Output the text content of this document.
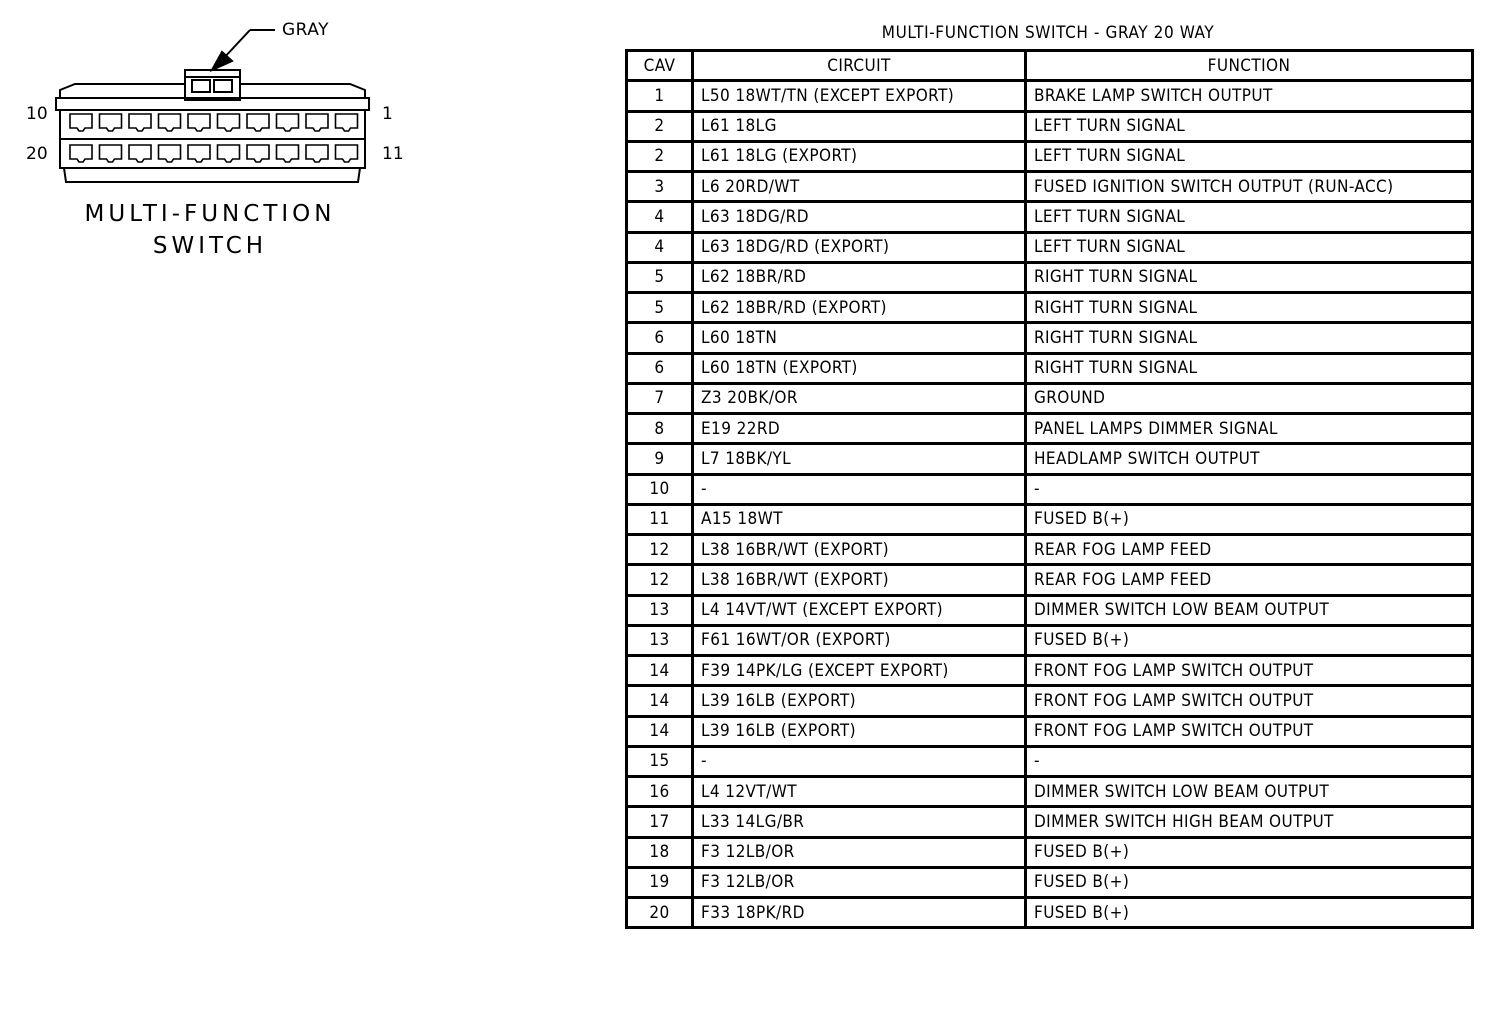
GRAY
10
20
1
11
MULTI-FUNCTION
SWITCH
MULTI-FUNCTION SWITCH - GRAY 20 WAY
CAV	CIRCUIT	FUNCTION
1	L50 18WT/TN (EXCEPT EXPORT)	BRAKE LAMP SWITCH OUTPUT
2	L61 18LG	LEFT TURN SIGNAL
2	L61 18LG (EXPORT)	LEFT TURN SIGNAL
3	L6 20RD/WT	FUSED IGNITION SWITCH OUTPUT (RUN-ACC)
4	L63 18DG/RD	LEFT TURN SIGNAL
4	L63 18DG/RD (EXPORT)	LEFT TURN SIGNAL
5	L62 18BR/RD	RIGHT TURN SIGNAL
5	L62 18BR/RD (EXPORT)	RIGHT TURN SIGNAL
6	L60 18TN	RIGHT TURN SIGNAL
6	L60 18TN (EXPORT)	RIGHT TURN SIGNAL
7	Z3 20BK/OR	GROUND
8	E19 22RD	PANEL LAMPS DIMMER SIGNAL
9	L7 18BK/YL	HEADLAMP SWITCH OUTPUT
10	-	-
11	A15 18WT	FUSED B(+)
12	L38 16BR/WT (EXPORT)	REAR FOG LAMP FEED
12	L38 16BR/WT (EXPORT)	REAR FOG LAMP FEED
13	L4 14VT/WT (EXCEPT EXPORT)	DIMMER SWITCH LOW BEAM OUTPUT
13	F61 16WT/OR (EXPORT)	FUSED B(+)
14	F39 14PK/LG (EXCEPT EXPORT)	FRONT FOG LAMP SWITCH OUTPUT
14	L39 16LB (EXPORT)	FRONT FOG LAMP SWITCH OUTPUT
14	L39 16LB (EXPORT)	FRONT FOG LAMP SWITCH OUTPUT
15	-	-
16	L4 12VT/WT	DIMMER SWITCH LOW BEAM OUTPUT
17	L33 14LG/BR	DIMMER SWITCH HIGH BEAM OUTPUT
18	F3 12LB/OR	FUSED B(+)
19	F3 12LB/OR	FUSED B(+)
20	F33 18PK/RD	FUSED B(+)
